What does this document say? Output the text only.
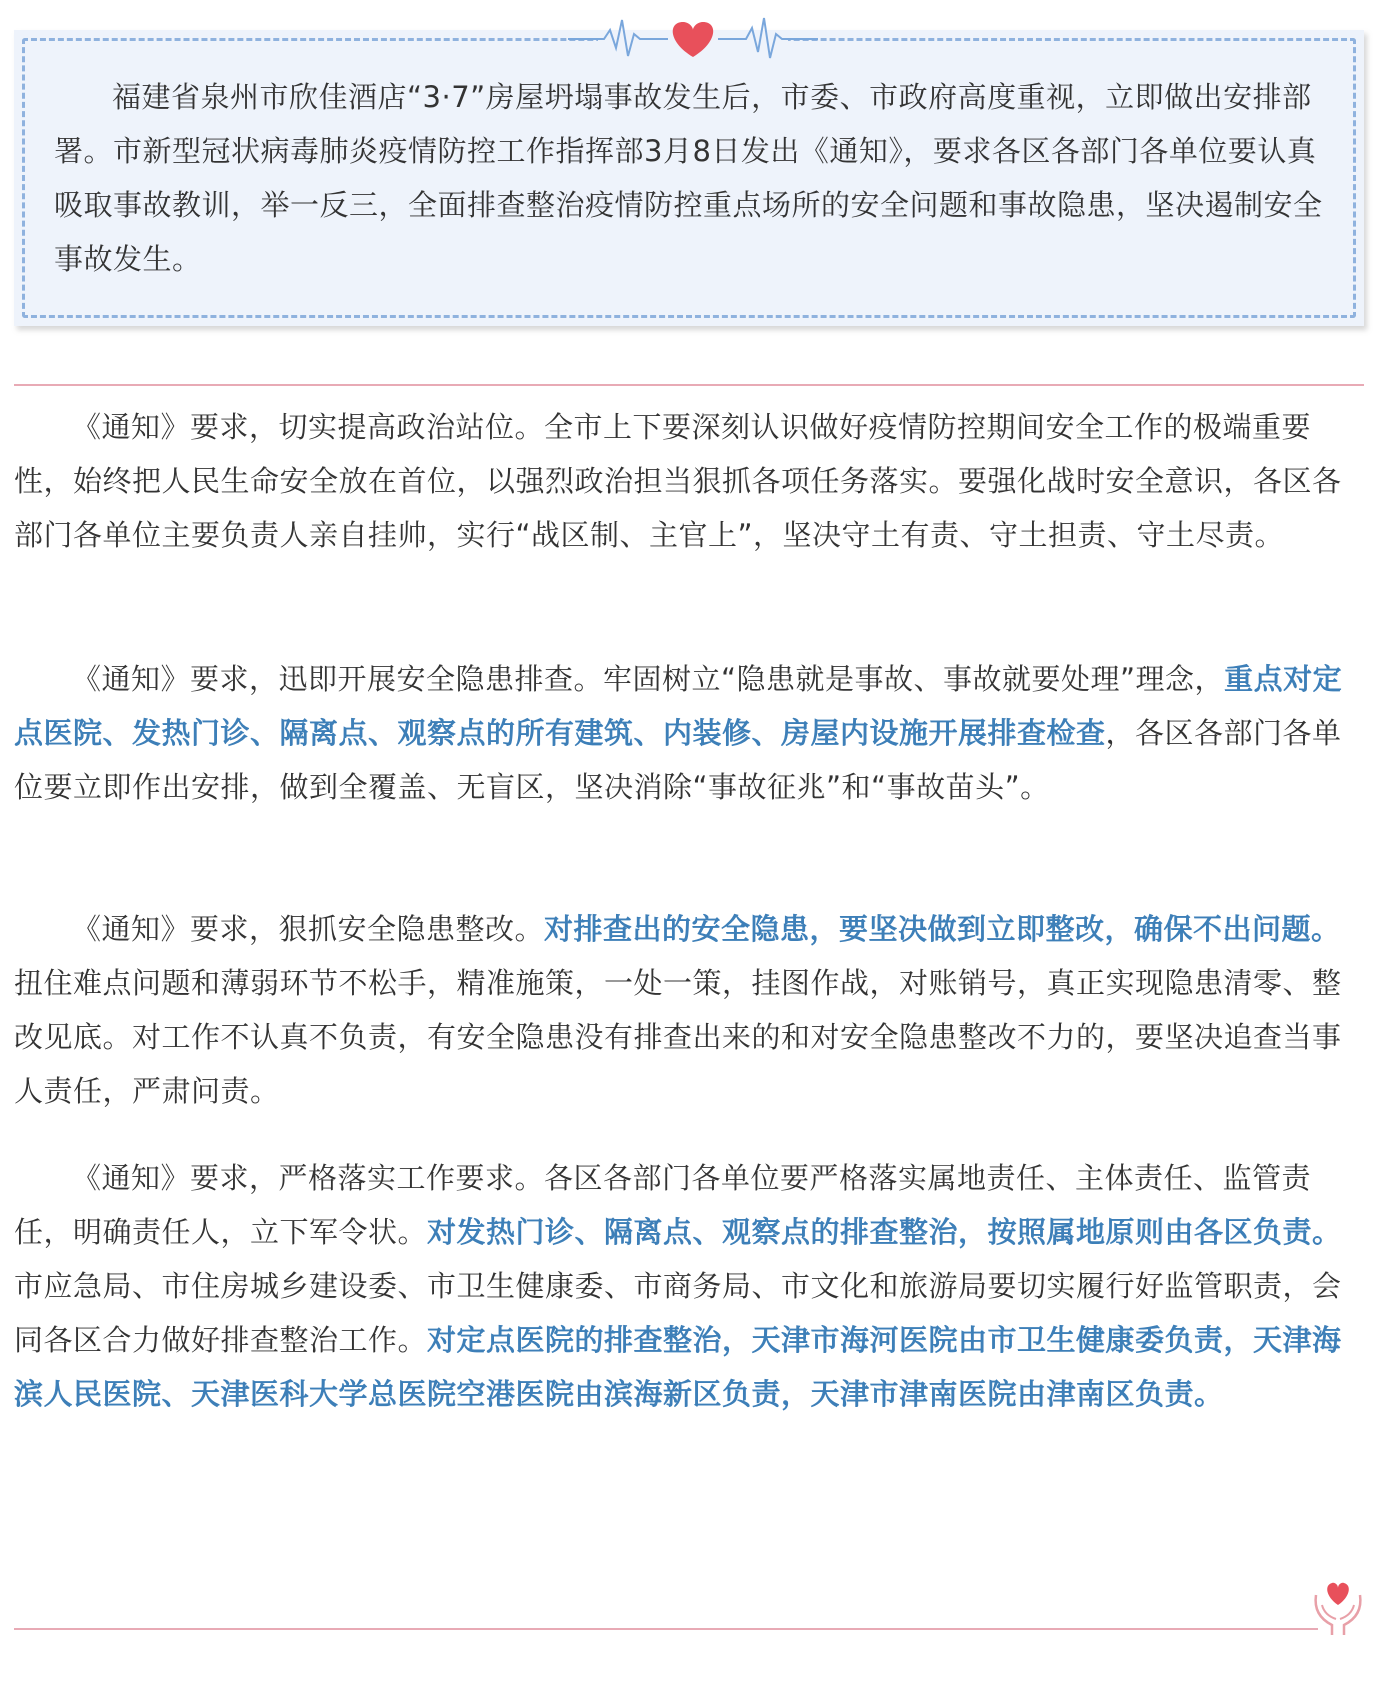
福建省泉州市欣佳酒店“3·7”房屋坍塌事故发生后，市委、市政府高度重视，立即做出安排部署。市新型冠状病毒肺炎疫情防控工作指挥部3月8日发出《通知》，要求各区各部门各单位要认真吸取事故教训，举一反三，全面排查整治疫情防控重点场所的安全问题和事故隐患，坚决遏制安全事故发生。

《通知》要求，切实提高政治站位。全市上下要深刻认识做好疫情防控期间安全工作的极端重要性，始终把人民生命安全放在首位，以强烈政治担当狠抓各项任务落实。要强化战时安全意识，各区各部门各单位主要负责人亲自挂帅，实行“战区制、主官上”，坚决守土有责、守土担责、守土尽责。

《通知》要求，迅即开展安全隐患排查。牢固树立“隐患就是事故、事故就要处理”理念，重点对定点医院、发热门诊、隔离点、观察点的所有建筑、内装修、房屋内设施开展排查检查，各区各部门各单位要立即作出安排，做到全覆盖、无盲区，坚决消除“事故征兆”和“事故苗头”。

《通知》要求，狠抓安全隐患整改。对排查出的安全隐患，要坚决做到立即整改，确保不出问题。扭住难点问题和薄弱环节不松手，精准施策，一处一策，挂图作战，对账销号，真正实现隐患清零、整改见底。对工作不认真不负责，有安全隐患没有排查出来的和对安全隐患整改不力的，要坚决追查当事人责任，严肃问责。

《通知》要求，严格落实工作要求。各区各部门各单位要严格落实属地责任、主体责任、监管责任，明确责任人，立下军令状。对发热门诊、隔离点、观察点的排查整治，按照属地原则由各区负责。市应急局、市住房城乡建设委、市卫生健康委、市商务局、市文化和旅游局要切实履行好监管职责，会同各区合力做好排查整治工作。对定点医院的排查整治，天津市海河医院由市卫生健康委负责，天津海滨人民医院、天津医科大学总医院空港医院由滨海新区负责，天津市津南医院由津南区负责。
